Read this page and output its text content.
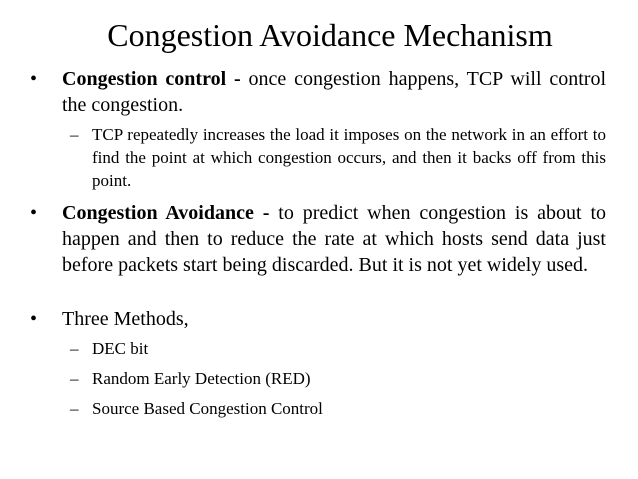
Congestion Avoidance Mechanism
• Congestion control - once congestion happens, TCP will control the congestion.
– TCP repeatedly increases the load it imposes on the network in an effort to find the point at which congestion occurs, and then it backs off from this point.
• Congestion Avoidance - to predict when congestion is about to happen and then to reduce the rate at which hosts send data just before packets start being discarded. But it is not yet widely used.
• Three Methods,
– DEC bit
– Random Early Detection (RED)
– Source Based Congestion Control
